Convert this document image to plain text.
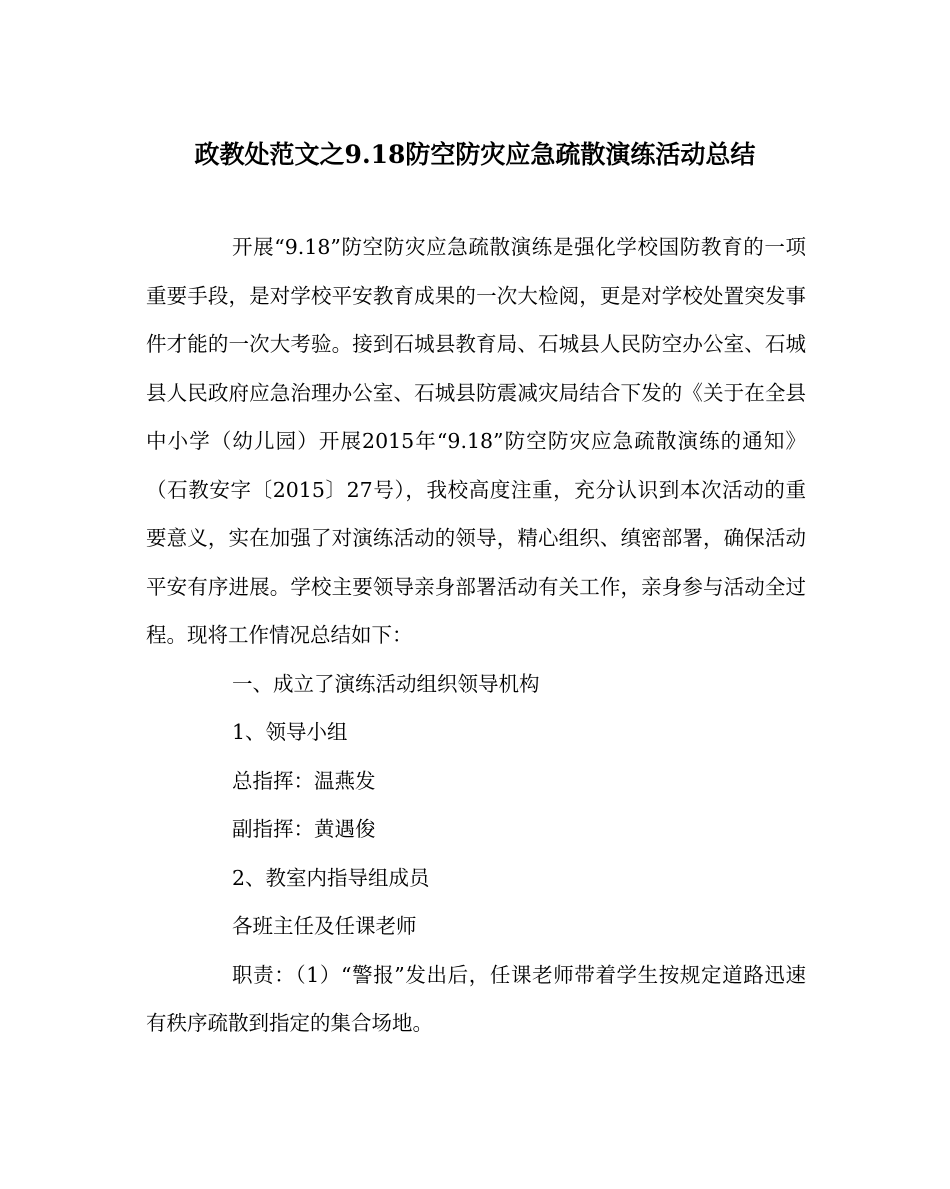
政教处范文之9.18防空防灾应急疏散演练活动总结

开展“9.18”防空防灾应急疏散演练是强化学校国防教育的一项重要手段，是对学校平安教育成果的一次大检阅，更是对学校处置突发事件才能的一次大考验。接到石城县教育局、石城县人民防空办公室、石城县人民政府应急治理办公室、石城县防震减灾局结合下发的《关于在全县中小学（幼儿园）开展2015年“9.18”防空防灾应急疏散演练的通知》（石教安字〔2015〕27号），我校高度注重，充分认识到本次活动的重要意义，实在加强了对演练活动的领导，精心组织、缜密部署，确保活动平安有序进展。学校主要领导亲身部署活动有关工作，亲身参与活动全过程。现将工作情况总结如下：

一、成立了演练活动组织领导机构

1、领导小组

总指挥：温燕发

副指挥：黄遇俊

2、教室内指导组成员

各班主任及任课老师

职责：（1）“警报”发出后，任课老师带着学生按规定道路迅速有秩序疏散到指定的集合场地。
